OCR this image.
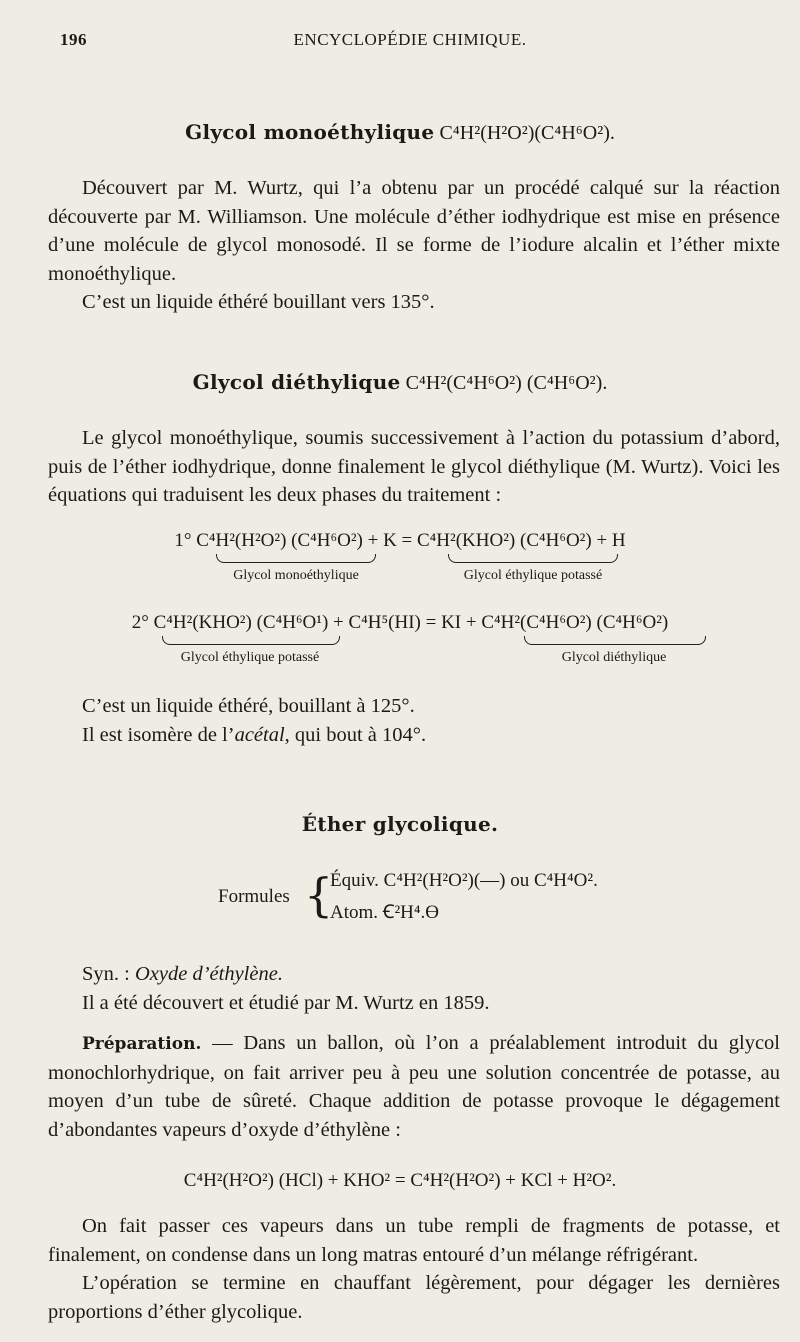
196	ENCYCLOPÉDIE CHIMIQUE.
Glycol monoéthylique C⁴H²(H²O²)(C⁴H⁶O²).

Découvert par M. Wurtz, qui l’a obtenu par un procédé calqué sur la réaction découverte par M. Williamson. Une molécule d’éther iodhydrique est mise en présence d’une molécule de glycol monosodé. Il se forme de l’iodure alcalin et l’éther mixte monoéthylique.

C’est un liquide éthéré bouillant vers 135°.

Glycol diéthylique C⁴H²(C⁴H⁶O²) (C⁴H⁶O²).

Le glycol monoéthylique, soumis successivement à l’action du potassium d’abord, puis de l’éther iodhydrique, donne finalement le glycol diéthylique (M. Wurtz). Voici les équations qui traduisent les deux phases du traitement :

1° C⁴H²(H²O²) (C⁴H⁶O²) + K = C⁴H²(KHO²) (C⁴H⁶O²) + H
Glycol monoéthylique	Glycol éthylique potassé
2° C⁴H²(KHO²) (C⁴H⁶O¹) + C⁴H⁵(HI) = KI + C⁴H²(C⁴H⁶O²) (C⁴H⁶O²)
Glycol éthylique potassé	Glycol diéthylique

C’est un liquide éthéré, bouillant à 125°.

Il est isomère de l’acétal, qui bout à 104°.

Éther glycolique.
Formules {
Équiv. C⁴H²(H²O²)(—) ou C⁴H⁴O².
Atom. Ꞓ²H⁴.Ɵ

Syn. : Oxyde d’éthylène.

Il a été découvert et étudié par M. Wurtz en 1859.

Préparation. — Dans un ballon, où l’on a préalablement introduit du glycol monochlorhydrique, on fait arriver peu à peu une solution concentrée de potasse, au moyen d’un tube de sûreté. Chaque addition de potasse provoque le dégagement d’abondantes vapeurs d’oxyde d’éthylène :

C⁴H²(H²O²) (HCl) + KHO² = C⁴H²(H²O²) + KCl + H²O².

On fait passer ces vapeurs dans un tube rempli de fragments de potasse, et finalement, on condense dans un long matras entouré d’un mélange réfrigérant.

L’opération se termine en chauffant légèrement, pour dégager les dernières proportions d’éther glycolique.
